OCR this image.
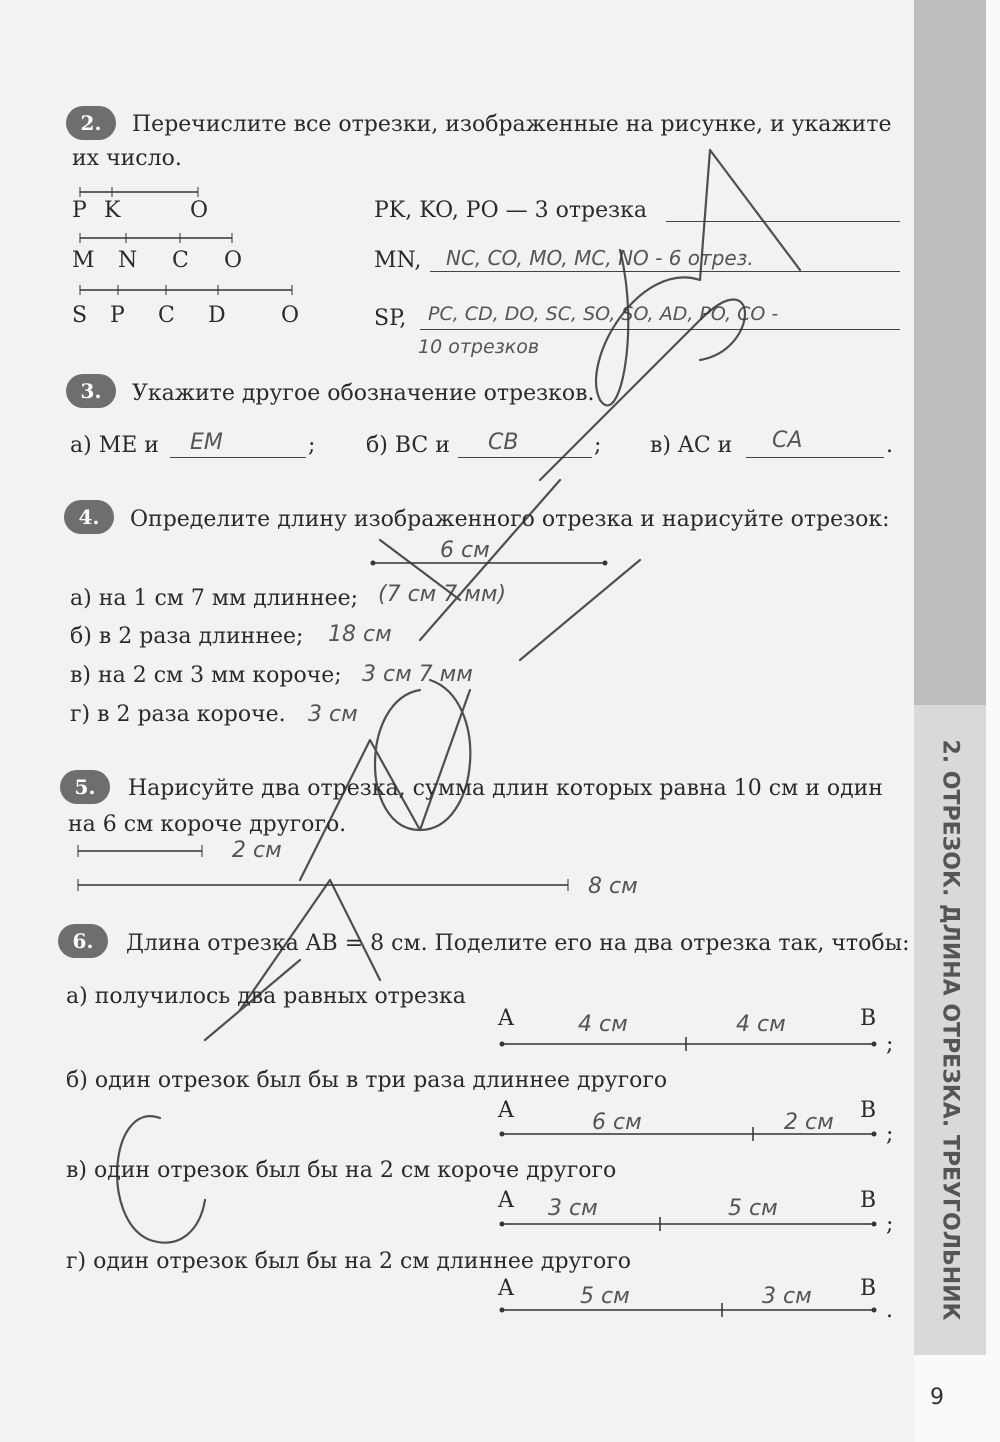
2. ОТРЕЗОК. ДЛИНА ОТРЕЗКА. ТРЕУГОЛЬНИК
9
2.	Перечислите все отрезки, изображенные на рисунке, и укажите
их число.
P K	O
M N C O
S P C D	O
PK, KO, PO — 3 отрезка
MN, NC, CO, MO, MC, NO - 6 отрез.
SP, PC, CD, DO, SC, SO, SO, AD, PO, CO -
10 отрезков
3.	Укажите другое обозначение отрезков.
а) ME и EM	; б) BC и CB	; в) AC и CA	.
4.	Определите длину изображенного отрезка и нарисуйте отрезок:
6 см
а) на 1 см 7 мм длиннее; (7 см 7 мм)
б) в 2 раза длиннее; 18 см
в) на 2 см 3 мм короче; 3 см 7 мм
г) в 2 раза короче. 3 см
5.	Нарисуйте два отрезка, сумма длин которых равна 10 см и один
на 6 см короче другого.
2 см
8 см
6.	Длина отрезка AB = 8 см. Поделите его на два отрезка так, чтобы:
а) получилось два равных отрезка
A	B
4 см	4 см
;
б) один отрезок был бы в три раза длиннее другого
A	B
6 см	2 см ;
в) один отрезок был бы на 2 см короче другого
A	B
3 см	5 см
;
г) один отрезок был бы на 2 см длиннее другого
A	B
5 см	3 см
.
списано
